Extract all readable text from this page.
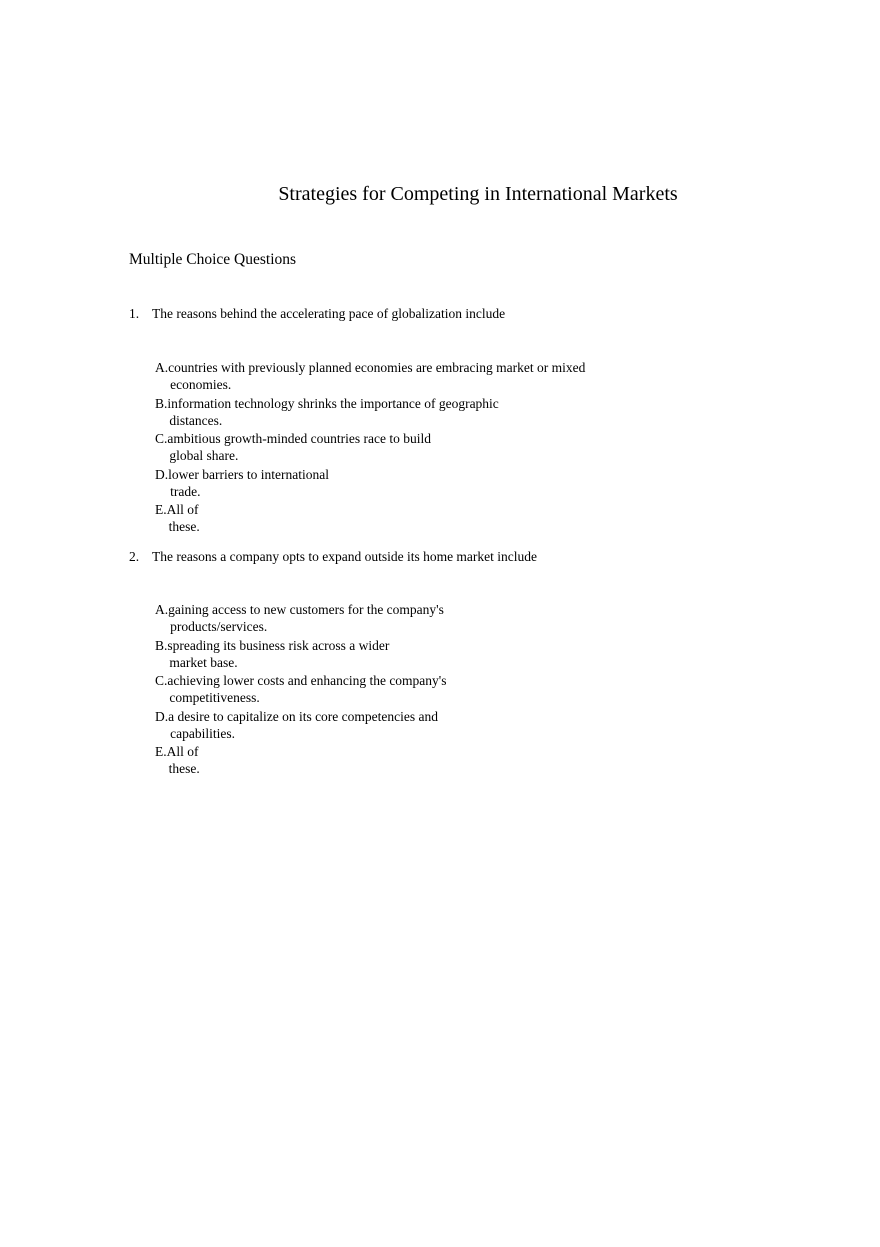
Strategies for Competing in International Markets
Multiple Choice Questions
1. The reasons behind the accelerating pace of globalization include
A. countries with previously planned economies are embracing market or mixed
economies.
B. information technology shrinks the importance of geographic
distances.
C. ambitious growth-minded countries race to build
global share.
D. lower barriers to international
trade.
E. All of
these.
2. The reasons a company opts to expand outside its home market include
A. gaining access to new customers for the company's
products/services.
B. spreading its business risk across a wider
market base.
C. achieving lower costs and enhancing the company's
competitiveness.
D. a desire to capitalize on its core competencies and
capabilities.
E. All of
these.
